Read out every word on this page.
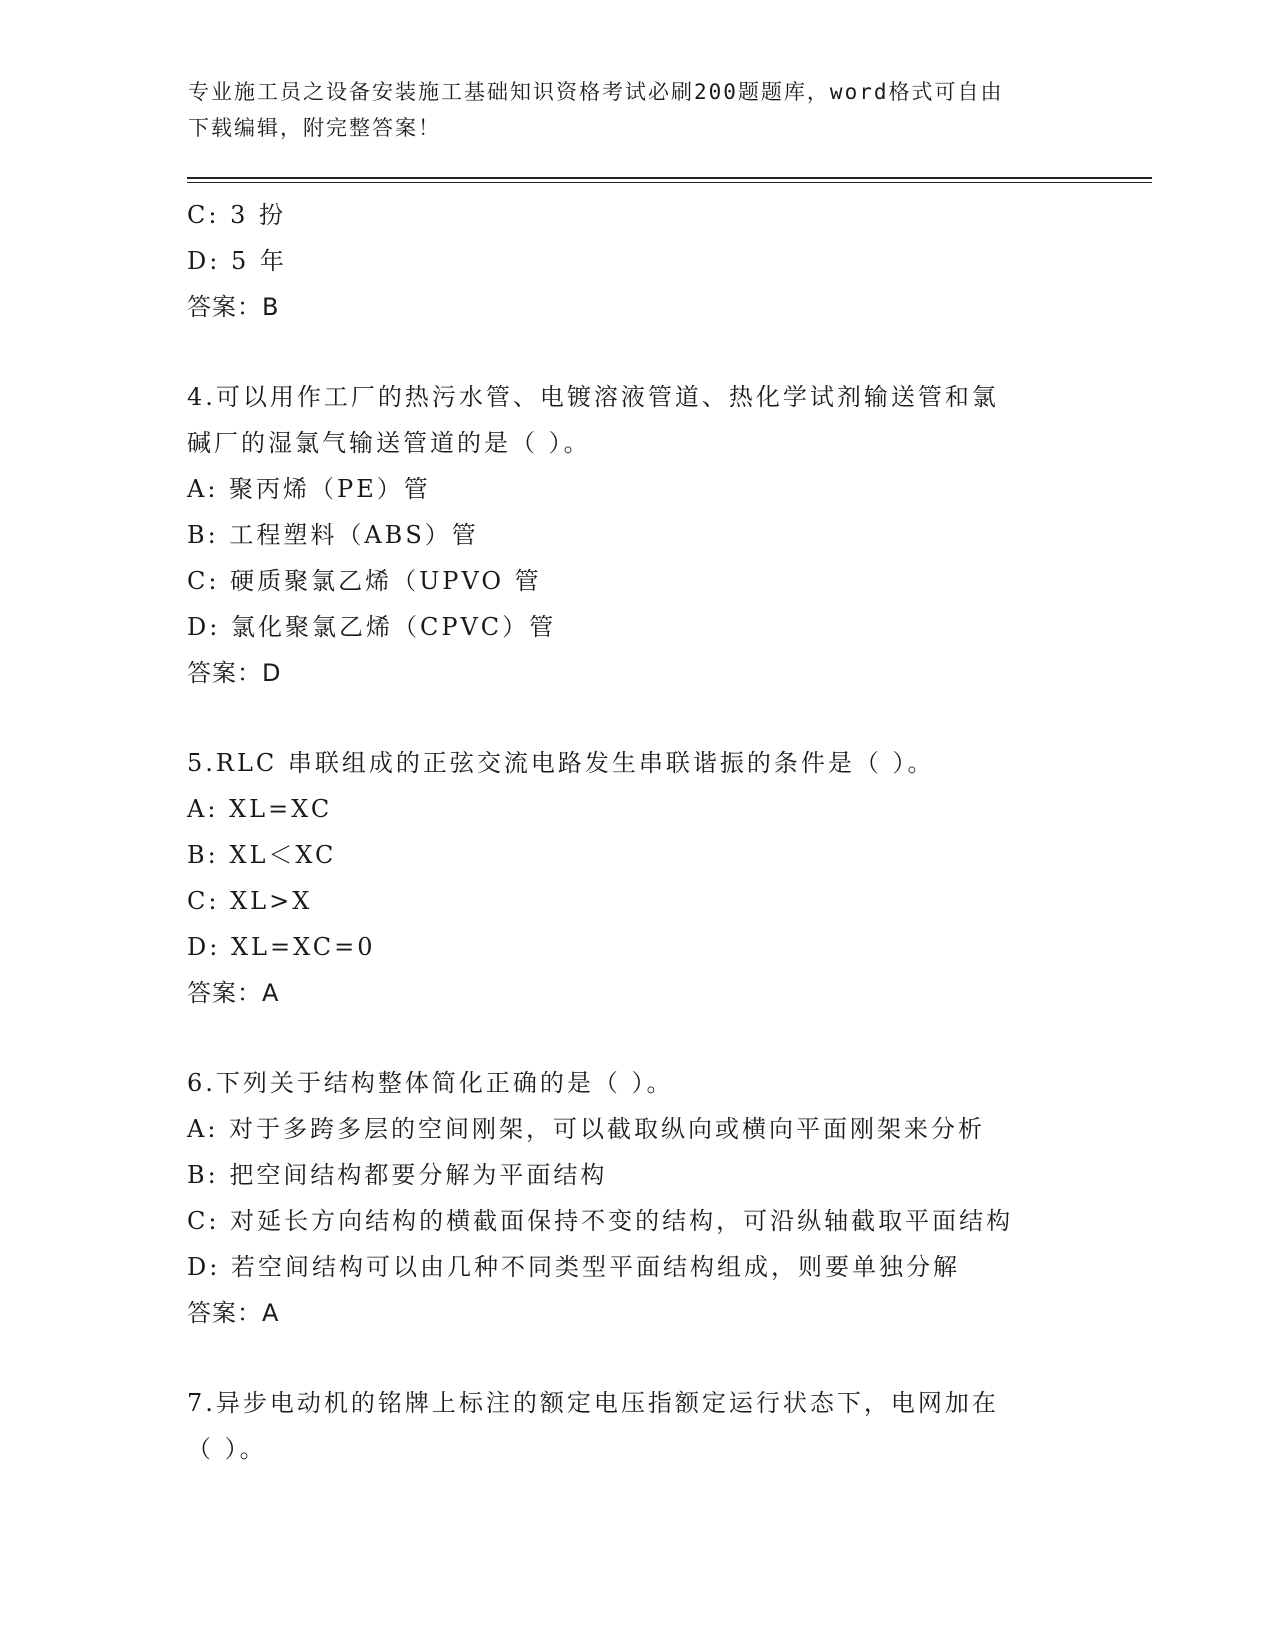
专业施工员之设备安装施工基础知识资格考试必刷200题题库，word格式可自由
下载编辑，附完整答案！
C: 3 扮
D: 5 年
答案：B
4.可以用作工厂的热污水管、电镀溶液管道、热化学试剂输送管和氯
碱厂的湿氯气输送管道的是（ ）。
A: 聚丙烯（PE）管
B: 工程塑料（ABS）管
C: 硬质聚氯乙烯（UPVO 管
D: 氯化聚氯乙烯（CPVC）管
答案：D
5.RLC 串联组成的正弦交流电路发生串联谐振的条件是（ ）。
A: XL=XC
B: XL＜XC
C: XL>X
D: XL=XC=0
答案：A
6.下列关于结构整体简化正确的是（ ）。
A: 对于多跨多层的空间刚架，可以截取纵向或横向平面刚架来分析
B: 把空间结构都要分解为平面结构
C: 对延长方向结构的横截面保持不变的结构，可沿纵轴截取平面结构
D: 若空间结构可以由几种不同类型平面结构组成，则要单独分解
答案：A
7.异步电动机的铭牌上标注的额定电压指额定运行状态下，电网加在
（ ）。
